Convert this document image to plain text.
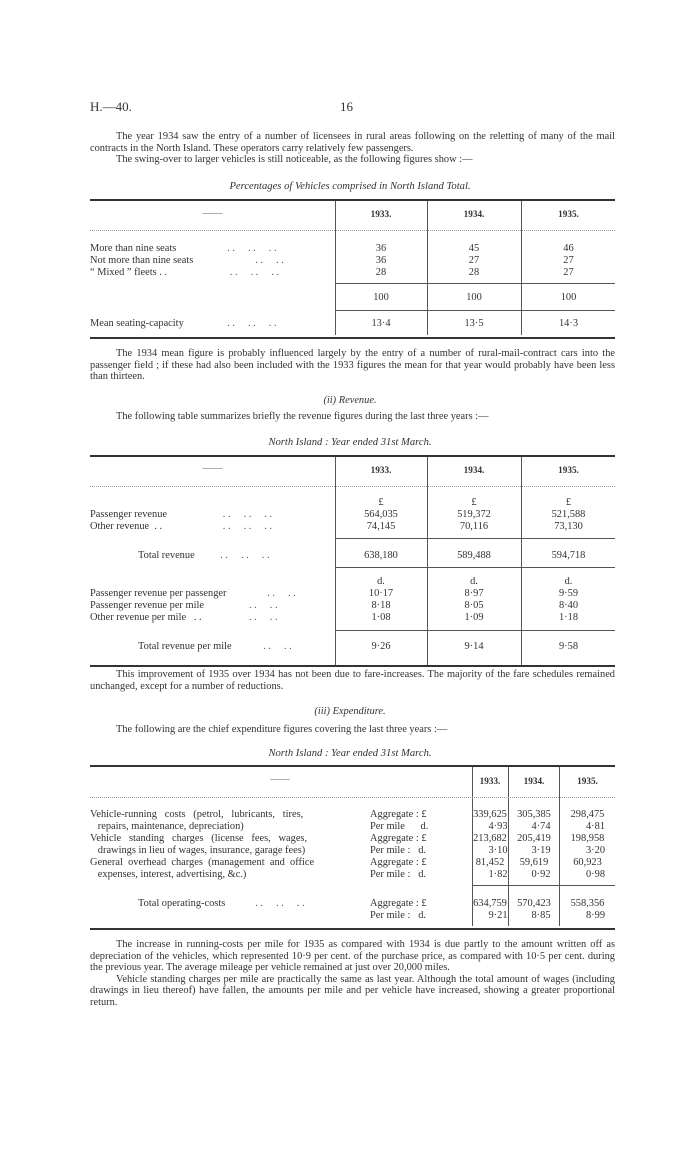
H.—40.	16

The year 1934 saw the entry of a number of licensees in rural areas following on the reletting of many of the mail contracts in the North Island. These operators carry relatively few passengers.

The swing-over to larger vehicles is still noticeable, as the following figures show :—

Percentages of Vehicles comprised in North Island Total.
——	1933.	1934.	1935.
More than nine seats	. .     . .     . .	36	45	46
Not more than nine seats	. .     . .	36	27	27
“ Mixed ” fleets . .	. .     . .     . .	28	28	27
100	100	100
Mean seating-capacity	. .     . .     . .	13·4	13·5	14·3
The 1934 mean figure is probably influenced largely by the entry of a number of rural-mail-contract cars into the passenger field ; if these had also been included with the 1933 figures the mean for that year would probably have been less than thirteen.
(ii) Revenue.
The following table summarizes briefly the revenue figures during the last three years :—
North Island : Year ended 31st March.
——	1933.	1934.	1935.
£	£	£
Passenger revenue	. .     . .     . .	564,035	519,372	521,588
Other revenue  . .	. .     . .     . .	74,145	70,116	73,130
Total revenue . .     . .     . .	638,180	589,488	594,718
d.	d.	d.
Passenger revenue per passenger	. .     . .	10·17	8·97	9·59
Passenger revenue per mile	. .     . .	8·18	8·05	8·40
Other revenue per mile   . .	. .     . .	1·08	1·09	1·18
Total revenue per mile	. .     . .	9·26	9·14	9·58
This improvement of 1935 over 1934 has not been due to fare-increases. The majority of the fare schedules remained unchanged, except for a number of reductions.
(iii) Expenditure.
The following are the chief expenditure figures covering the last three years :—
North Island : Year ended 31st March.
——	1933.	1934.	1935.
Vehicle-running   costs   (petrol,   lubricants,   tires,
repairs, maintenance, depreciation)
Aggregate : £
Per mile      d.
339,625 305,385	298,475
4·93	4·74	4·81
Vehicle   standing   charges   (license   fees,   wages,
drawings in lieu of wages, insurance, garage fees)
Aggregate : £
Per mile :   d.
213,682 205,419	198,958
3·10	3·19	3·20
General  overhead  charges  (management  and  office
expenses, interest, advertising, &c.)
Aggregate : £
Per mile :   d.
81,452	59,619	60,923
1·82	0·92	0·98
Total operating-costs . .     . .     . .	Aggregate : £
Per mile :   d.
634,759 570,423	558,356
9·21	8·85	8·99

The increase in running-costs per mile for 1935 as compared with 1934 is due partly to the amount written off as depreciation of the vehicles, which represented 10·9 per cent. of the purchase price, as compared with 10·5 per cent. during the previous year. The average mileage per vehicle remained at just over 20,000 miles.

Vehicle standing charges per mile are practically the same as last year. Although the total amount of wages (including drawings in lieu thereof) have fallen, the amounts per mile and per vehicle have increased, showing a greater proportional return.
